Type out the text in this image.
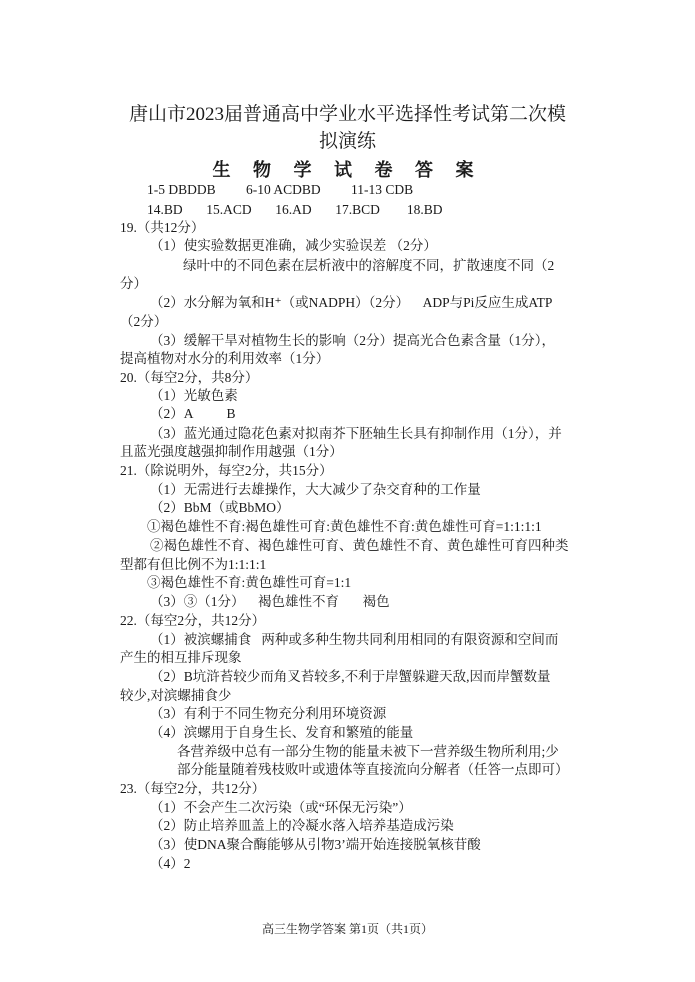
唐山市2023届普通高中学业水平选择性考试第二次模
拟演练
生 物 学 试 卷 答 案
1-5 DBDDB         6-10 ACDBD         11-13 CDB
14.BD       15.ACD       16.AD       17.BCD        18.BD
19.（共12分）
（1）使实验数据更准确，减少实验误差 （2分）
绿叶中的不同色素在层析液中的溶解度不同，扩散速度不同（2
分）
（2）水分解为氧和H⁺（或NADPH）（2分）    ADP与Pi反应生成ATP
（2分）
（3）缓解干旱对植物生长的影响（2分）提高光合色素含量（1分），
提高植物对水分的利用效率（1分）
20.（每空2分，共8分）
（1）光敏色素
（2）A          B
（3）蓝光通过隐花色素对拟南芥下胚轴生长具有抑制作用（1分），并
且蓝光强度越强抑制作用越强（1分）
21.（除说明外，每空2分，共15分）
（1）无需进行去雄操作，大大减少了杂交育种的工作量
（2）BbM（或BbMO）
①褐色雄性不育:褐色雄性可育:黄色雄性不育:黄色雄性可育=1:1:1:1
②褐色雄性不育、褐色雄性可育、黄色雄性不育、黄色雄性可育四种类
型都有但比例不为1:1:1:1
③褐色雄性不育:黄色雄性可育=1:1
（3）③（1分）    褐色雄性不育       褐色
22.（每空2分，共12分）
（1）被滨螺捕食   两种或多种生物共同利用相同的有限资源和空间而
产生的相互排斥现象
（2）B坑浒苔较少而角叉苔较多,不利于岸蟹躲避天敌,因而岸蟹数量
较少,对滨螺捕食少
（3）有利于不同生物充分利用环境资源
（4）滨螺用于自身生长、发育和繁殖的能量
各营养级中总有一部分生物的能量未被下一营养级生物所利用;少
部分能量随着残枝败叶或遗体等直接流向分解者（任答一点即可）
23.（每空2分，共12分）
（1）不会产生二次污染（或“环保无污染”）
（2）防止培养皿盖上的冷凝水落入培养基造成污染
（3）使DNA聚合酶能够从引物3’端开始连接脱氧核苷酸
（4）2
高三生物学答案 第1页（共1页）
